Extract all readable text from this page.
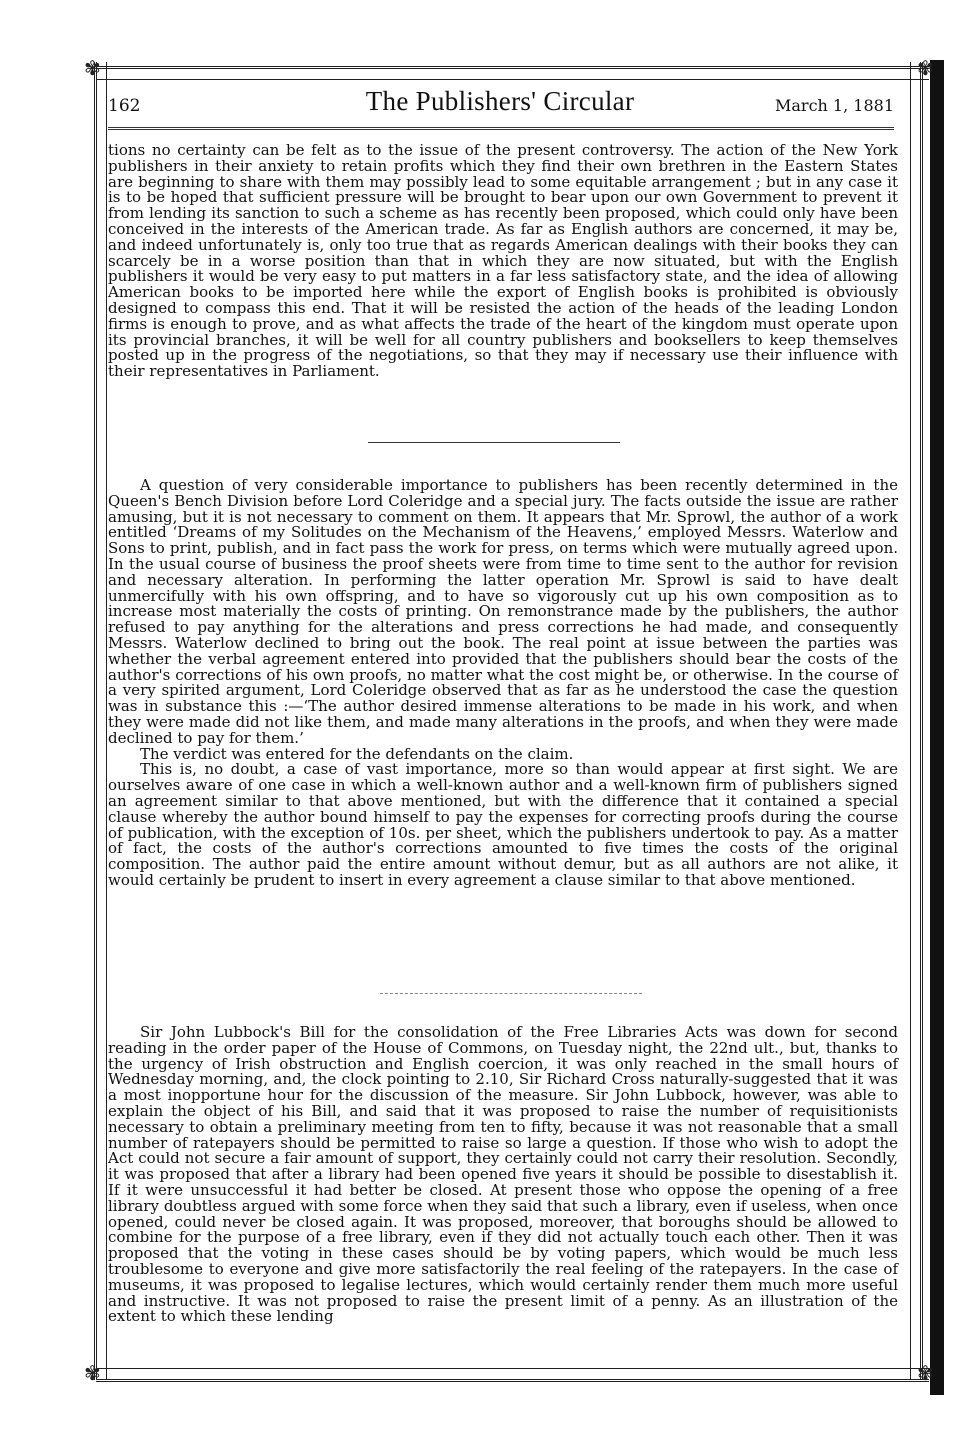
✾	✾
✾	✾
162	The Publishers' Circular	March 1, 1881

tions no certainty can be felt as to the issue of the present controversy. The action of the New York publishers in their anxiety to retain profits which they find their own brethren in the Eastern States are beginning to share with them may possibly lead to some equitable arrangement ; but in any case it is to be hoped that sufficient pressure will be brought to bear upon our own Government to prevent it from lending its sanction to such a scheme as has recently been proposed, which could only have been conceived in the interests of the American trade. As far as English authors are concerned, it may be, and indeed unfortunately is, only too true that as regards American dealings with their books they can scarcely be in a worse position than that in which they are now situated, but with the English publishers it would be very easy to put matters in a far less satisfactory state, and the idea of allowing American books to be imported here while the export of English books is prohibited is obviously designed to compass this end. That it will be resisted the action of the heads of the leading London firms is enough to prove, and as what affects the trade of the heart of the kingdom must operate upon its provincial branches, it will be well for all country publishers and booksellers to keep themselves posted up in the progress of the negotiations, so that they may if necessary use their influence with their representatives in Parliament.

A question of very considerable importance to publishers has been recently determined in the Queen's Bench Division before Lord Coleridge and a special jury. The facts outside the issue are rather amusing, but it is not necessary to comment on them. It appears that Mr. Sprowl, the author of a work entitled ‘Dreams of my Solitudes on the Mechanism of the Heavens,’ employed Messrs. Waterlow and Sons to print, publish, and in fact pass the work for press, on terms which were mutually agreed upon. In the usual course of business the proof sheets were from time to time sent to the author for revision and necessary alteration. In performing the latter operation Mr. Sprowl is said to have dealt unmercifully with his own offspring, and to have so vigorously cut up his own composition as to increase most materially the costs of printing. On remonstrance made by the publishers, the author refused to pay anything for the alterations and press corrections he had made, and consequently Messrs. Waterlow declined to bring out the book. The real point at issue between the parties was whether the verbal agreement entered into provided that the publishers should bear the costs of the author's corrections of his own proofs, no matter what the cost might be, or otherwise. In the course of a very spirited argument, Lord Coleridge observed that as far as he understood the case the question was in substance this :—‘The author desired immense alterations to be made in his work, and when they were made did not like them, and made many alterations in the proofs, and when they were made declined to pay for them.’

The verdict was entered for the defendants on the claim.

This is, no doubt, a case of vast importance, more so than would appear at first sight. We are ourselves aware of one case in which a well-known author and a well-known firm of publishers signed an agreement similar to that above mentioned, but with the difference that it contained a special clause whereby the author bound himself to pay the expenses for correcting proofs during the course of publication, with the exception of 10s. per sheet, which the publishers undertook to pay. As a matter of fact, the costs of the author's corrections amounted to five times the costs of the original composition. The author paid the entire amount without demur, but as all authors are not alike, it would certainly be prudent to insert in every agreement a clause similar to that above mentioned.

Sir John Lubbock's Bill for the consolidation of the Free Libraries Acts was down for second reading in the order paper of the House of Commons, on Tuesday night, the 22nd ult., but, thanks to the urgency of Irish obstruction and English coercion, it was only reached in the small hours of Wednesday morning, and, the clock pointing to 2.10, Sir Richard Cross naturally-suggested that it was a most inopportune hour for the discussion of the measure. Sir John Lubbock, however, was able to explain the object of his Bill, and said that it was proposed to raise the number of requisitionists necessary to obtain a preliminary meeting from ten to fifty, because it was not reasonable that a small number of ratepayers should be permitted to raise so large a question. If those who wish to adopt the Act could not secure a fair amount of support, they certainly could not carry their resolution. Secondly, it was proposed that after a library had been opened five years it should be possible to disestablish it. If it were unsuccessful it had better be closed. At present those who oppose the opening of a free library doubtless argued with some force when they said that such a library, even if useless, when once opened, could never be closed again. It was proposed, moreover, that boroughs should be allowed to combine for the purpose of a free library, even if they did not actually touch each other. Then it was proposed that the voting in these cases should be by voting papers, which would be much less troublesome to everyone and give more satisfactorily the real feeling of the ratepayers. In the case of museums, it was proposed to legalise lectures, which would certainly render them much more useful and instructive. It was not proposed to raise the present limit of a penny. As an illustration of the extent to which these lending
